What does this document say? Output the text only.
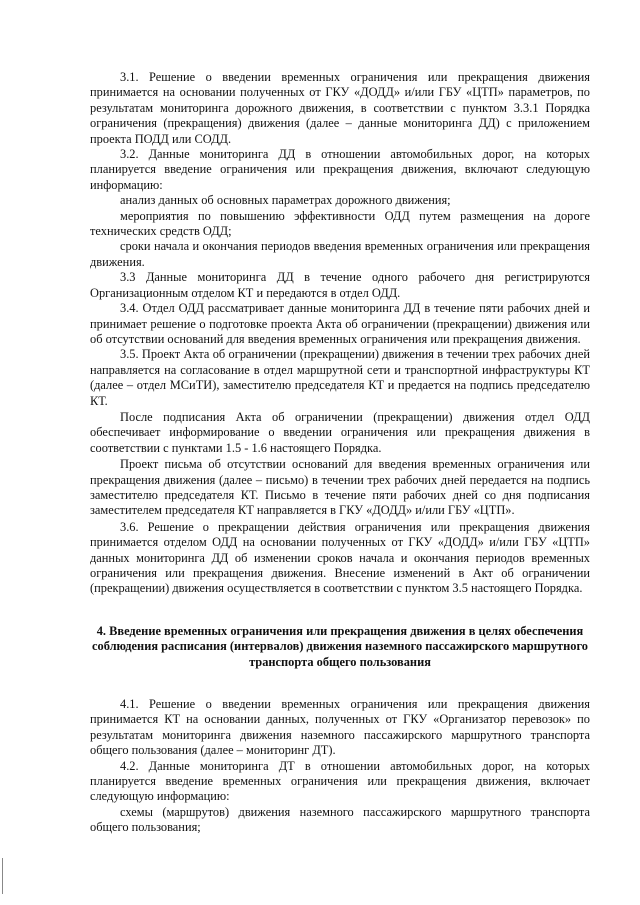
3.1. Решение о введении временных ограничения или прекращения движения принимается на основании полученных от ГКУ «ДОДД» и/или ГБУ «ЦТП» параметров, по результатам мониторинга дорожного движения, в соответствии с пунктом 3.3.1 Порядка ограничения (прекращения) движения (далее – данные мониторинга ДД) с приложением проекта ПОДД или СОДД.

3.2. Данные мониторинга ДД в отношении автомобильных дорог, на которых планируется введение ограничения или прекращения движения, включают следующую информацию:

анализ данных об основных параметрах дорожного движения;

мероприятия по повышению эффективности ОДД путем размещения на дороге технических средств ОДД;

сроки начала и окончания периодов введения временных ограничения или прекращения движения.

3.3 Данные мониторинга ДД в течение одного рабочего дня регистрируются Организационным отделом КТ и передаются в отдел ОДД.

3.4. Отдел ОДД рассматривает данные мониторинга ДД в течение пяти рабочих дней и принимает решение о подготовке проекта Акта об ограничении (прекращении) движения или об отсутствии оснований для введения временных ограничения или прекращения движения.

3.5. Проект Акта об ограничении (прекращении) движения в течении трех рабочих дней направляется на согласование в отдел маршрутной сети и транспортной инфраструктуры КТ (далее – отдел МСиТИ), заместителю председателя КТ и предается на подпись председателю КТ.

После подписания Акта об ограничении (прекращении) движения отдел ОДД обеспечивает информирование о введении ограничения или прекращения движения в соответствии с пунктами 1.5 - 1.6 настоящего Порядка.

Проект письма об отсутствии оснований для введения временных ограничения или прекращения движения (далее – письмо) в течении трех рабочих дней передается на подпись заместителю председателя КТ. Письмо в течение пяти рабочих дней со дня подписания заместителем председателя КТ направляется в ГКУ «ДОДД» и/или ГБУ «ЦТП».

3.6. Решение о прекращении действия ограничения или прекращения движения принимается отделом ОДД на основании полученных от ГКУ «ДОДД» и/или ГБУ «ЦТП» данных мониторинга ДД об изменении сроков начала и окончания периодов временных ограничения или прекращения движения. Внесение изменений в Акт об ограничении (прекращении) движения осуществляется в соответствии с пунктом 3.5 настоящего Порядка.

4. Введение временных ограничения или прекращения движения в целях обеспечения соблюдения расписания (интервалов) движения наземного пассажирского маршрутного транспорта общего пользования

4.1. Решение о введении временных ограничения или прекращения движения принимается КТ на основании данных, полученных от ГКУ «Организатор перевозок» по результатам мониторинга движения наземного пассажирского маршрутного транспорта общего пользования (далее – мониторинг ДТ).

4.2. Данные мониторинга ДТ в отношении автомобильных дорог, на которых планируется введение временных ограничения или прекращения движения, включает следующую информацию:

схемы (маршрутов) движения наземного пассажирского маршрутного транспорта общего пользования;
